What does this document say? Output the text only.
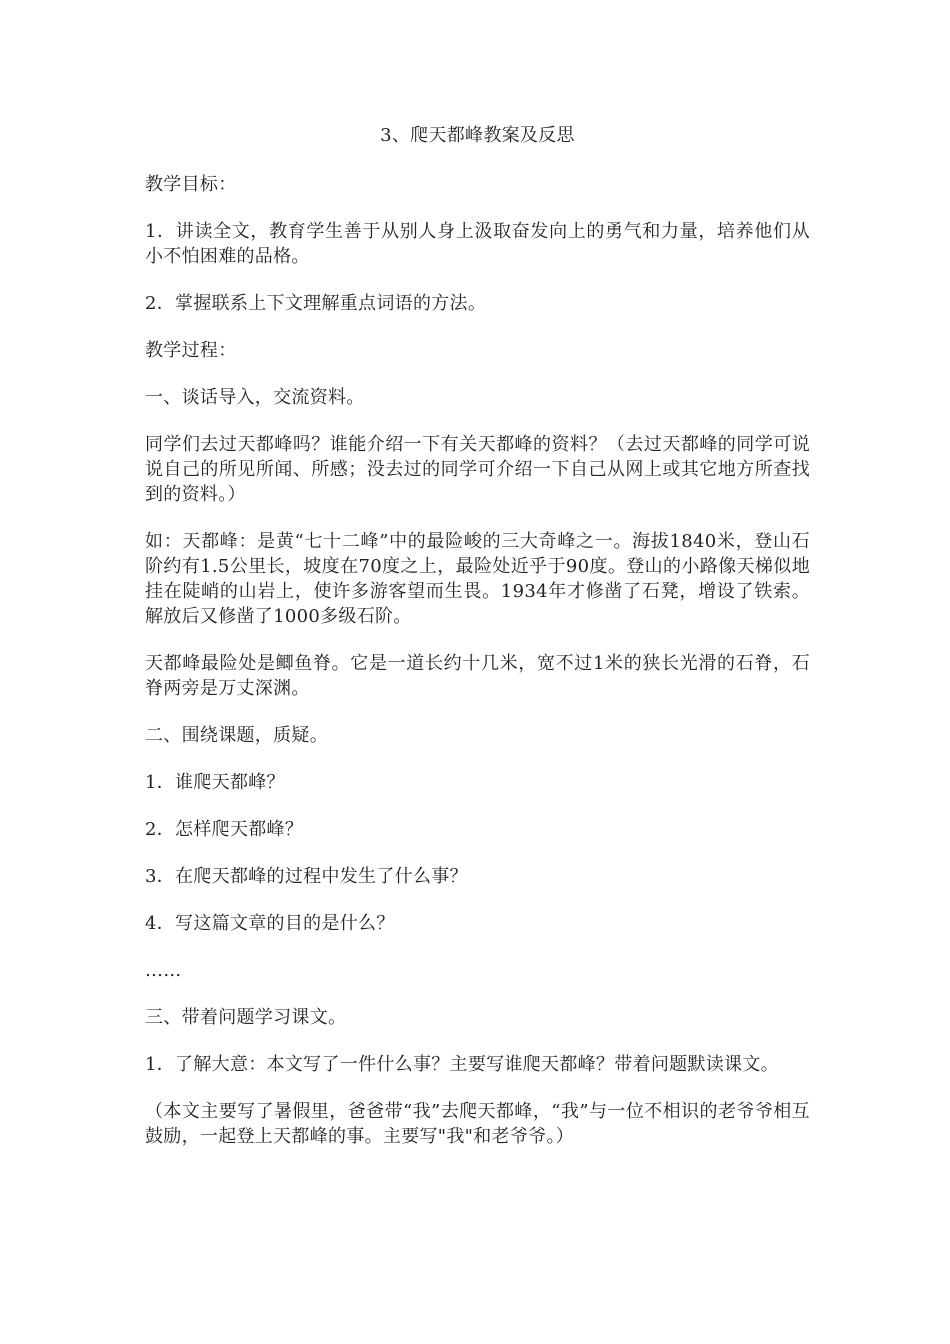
3、爬天都峰教案及反思

教学目标：

1．讲读全文，教育学生善于从别人身上汲取奋发向上的勇气和力量，培养他们从小不怕困难的品格。

2．掌握联系上下文理解重点词语的方法。

教学过程：

一、谈话导入，交流资料。

同学们去过天都峰吗？谁能介绍一下有关天都峰的资料？（去过天都峰的同学可说说自己的所见所闻、所感；没去过的同学可介绍一下自己从网上或其它地方所查找到的资料。）

如：天都峰：是黄“七十二峰”中的最险峻的三大奇峰之一。海拔1840米，登山石阶约有1.5公里长，坡度在70度之上，最险处近乎于90度。登山的小路像天梯似地挂在陡峭的山岩上，使许多游客望而生畏。1934年才修凿了石凳，增设了铁索。解放后又修凿了1000多级石阶。

天都峰最险处是鲫鱼脊。它是一道长约十几米，宽不过1米的狭长光滑的石脊，石脊两旁是万丈深渊。

二、围绕课题，质疑。

1．谁爬天都峰？

2．怎样爬天都峰？

3．在爬天都峰的过程中发生了什么事？

4．写这篇文章的目的是什么？

……

三、带着问题学习课文。

1．了解大意：本文写了一件什么事？主要写谁爬天都峰？带着问题默读课文。

（本文主要写了暑假里，爸爸带“我”去爬天都峰，“我”与一位不相识的老爷爷相互鼓励，一起登上天都峰的事。主要写"我"和老爷爷。）
